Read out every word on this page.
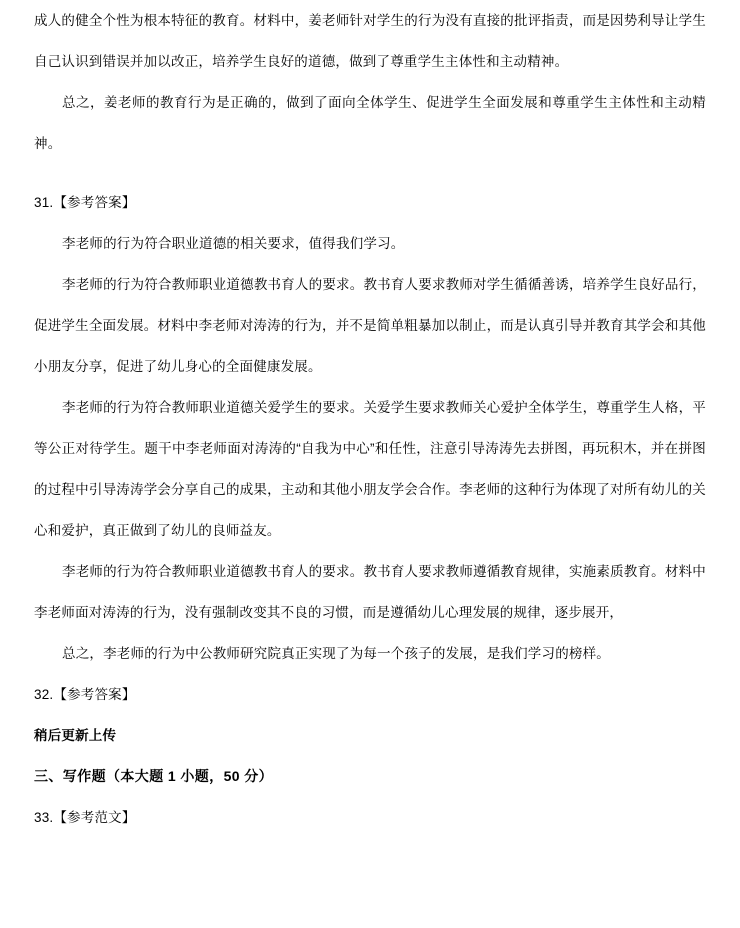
成人的健全个性为根本特征的教育。材料中，姜老师针对学生的行为没有直接的批评指责，而是因势利导让学生自己认识到错误并加以改正，培养学生良好的道德，做到了尊重学生主体性和主动精神。

总之，姜老师的教育行为是正确的，做到了面向全体学生、促进学生全面发展和尊重学生主体性和主动精神。

31.【参考答案】

李老师的行为符合职业道德的相关要求，值得我们学习。

李老师的行为符合教师职业道德教书育人的要求。教书育人要求教师对学生循循善诱，培养学生良好品行，促进学生全面发展。材料中李老师对涛涛的行为，并不是简单粗暴加以制止，而是认真引导并教育其学会和其他小朋友分享，促进了幼儿身心的全面健康发展。

李老师的行为符合教师职业道德关爱学生的要求。关爱学生要求教师关心爱护全体学生，尊重学生人格，平等公正对待学生。题干中李老师面对涛涛的“自我为中心”和任性，注意引导涛涛先去拼图，再玩积木，并在拼图的过程中引导涛涛学会分享自己的成果，主动和其他小朋友学会合作。李老师的这种行为体现了对所有幼儿的关心和爱护，真正做到了幼儿的良师益友。

李老师的行为符合教师职业道德教书育人的要求。教书育人要求教师遵循教育规律，实施素质教育。材料中李老师面对涛涛的行为，没有强制改变其不良的习惯，而是遵循幼儿心理发展的规律，逐步展开，

总之，李老师的行为中公教师研究院真正实现了为每一个孩子的发展，是我们学习的榜样。

32.【参考答案】

稍后更新上传

三、写作题（本大题 1 小题，50 分）

33.【参考范文】
